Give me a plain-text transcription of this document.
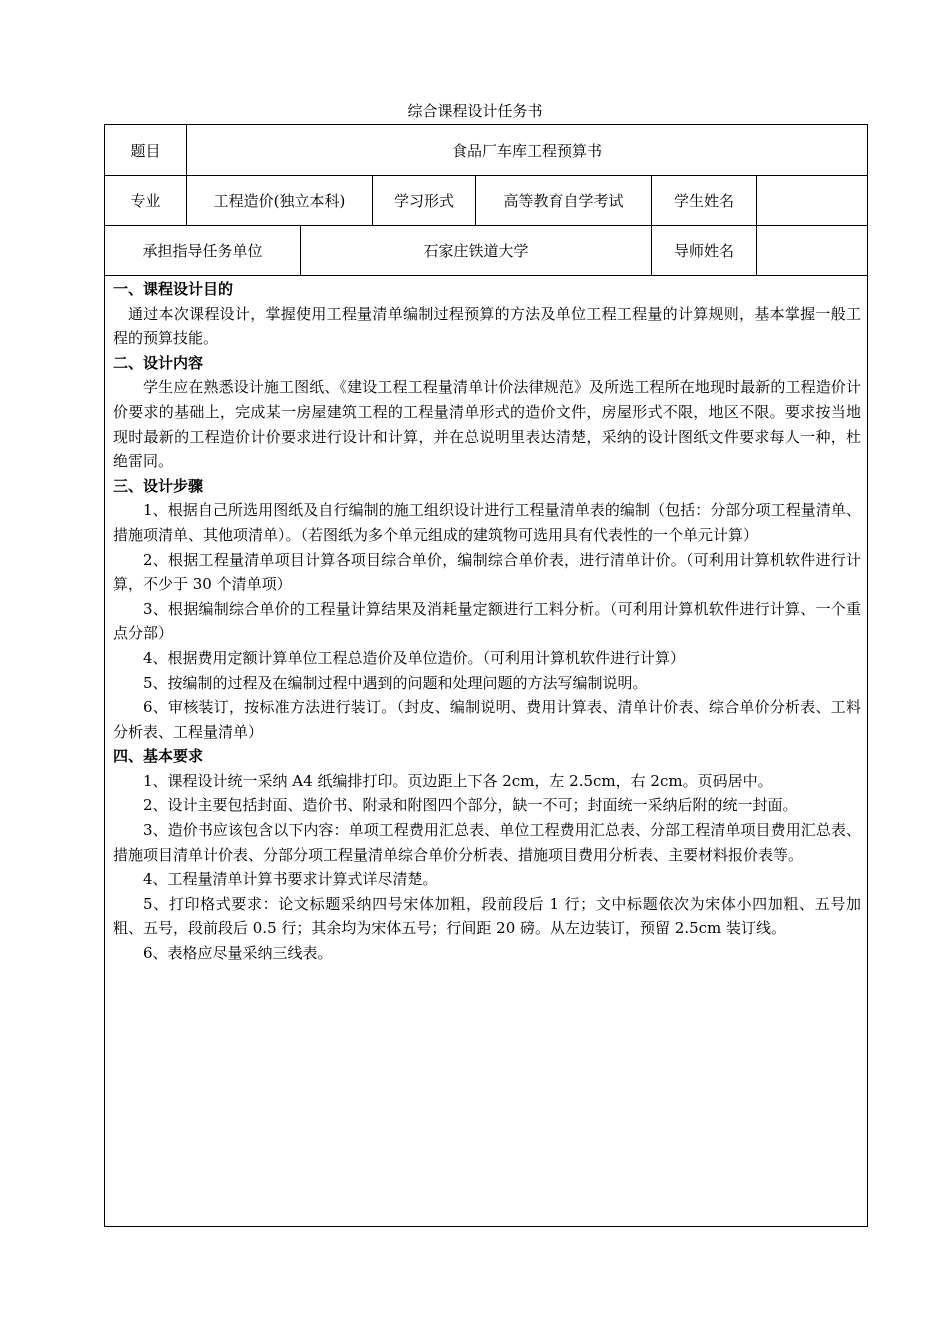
综合课程设计任务书
题目	食品厂车库工程预算书
专业	工程造价(独立本科)	学习形式	高等教育自学考试	学生姓名
承担指导任务单位	石家庄铁道大学	导师姓名

一、课程设计目的

通过本次课程设计，掌握使用工程量清单编制过程预算的方法及单位工程工程量的计算规则，基本掌握一般工程的预算技能。

二、设计内容

学生应在熟悉设计施工图纸、《建设工程工程量清单计价法律规范》及所选工程所在地现时最新的工程造价计价要求的基础上，完成某一房屋建筑工程的工程量清单形式的造价文件，房屋形式不限，地区不限。要求按当地现时最新的工程造价计价要求进行设计和计算，并在总说明里表达清楚，采纳的设计图纸文件要求每人一种，杜绝雷同。

三、设计步骤

1、根据自己所选用图纸及自行编制的施工组织设计进行工程量清单表的编制（包括：分部分项工程量清单、措施项清单、其他项清单）。（若图纸为多个单元组成的建筑物可选用具有代表性的一个单元计算）

2、根据工程量清单项目计算各项目综合单价，编制综合单价表，进行清单计价。（可利用计算机软件进行计算，不少于 30 个清单项）

3、根据编制综合单价的工程量计算结果及消耗量定额进行工料分析。（可利用计算机软件进行计算、一个重点分部）

4、根据费用定额计算单位工程总造价及单位造价。（可利用计算机软件进行计算）

5、按编制的过程及在编制过程中遇到的问题和处理问题的方法写编制说明。

6、审核装订，按标准方法进行装订。（封皮、编制说明、费用计算表、清单计价表、综合单价分析表、工料分析表、工程量清单）

四、基本要求

1、课程设计统一采纳 A4 纸编排打印。页边距上下各 2cm，左 2.5cm，右 2cm。页码居中。

2、设计主要包括封面、造价书、附录和附图四个部分，缺一不可；封面统一采纳后附的统一封面。

3、造价书应该包含以下内容：单项工程费用汇总表、单位工程费用汇总表、分部工程清单项目费用汇总表、措施项目清单计价表、分部分项工程量清单综合单价分析表、措施项目费用分析表、主要材料报价表等。

4、工程量清单计算书要求计算式详尽清楚。

5、打印格式要求：论文标题采纳四号宋体加粗，段前段后 1 行；文中标题依次为宋体小四加粗、五号加粗、五号，段前段后 0.5 行；其余均为宋体五号；行间距 20 磅。从左边装订，预留 2.5cm 装订线。

6、表格应尽量采纳三线表。
